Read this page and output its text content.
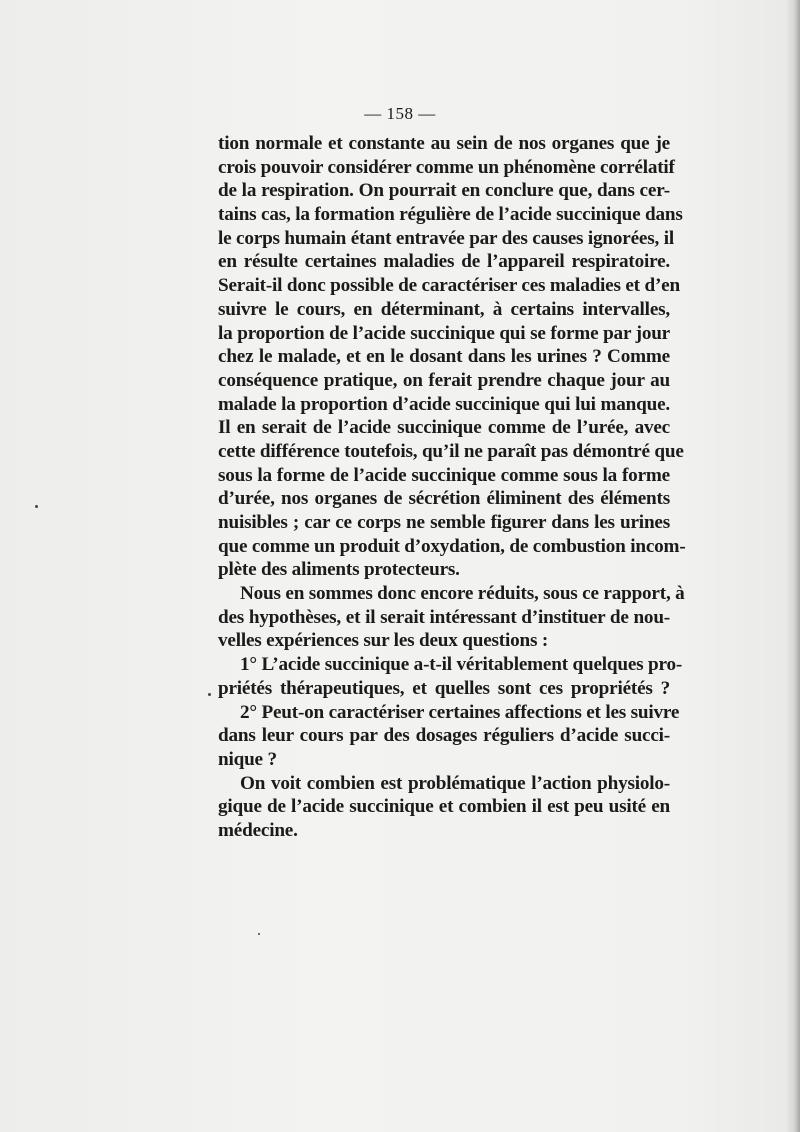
— 158 —
tion normale et constante au sein de nos organes que je
crois pouvoir considérer comme un phénomène corrélatif
de la respiration. On pourrait en conclure que, dans cer-
tains cas, la formation régulière de l’acide succinique dans
le corps humain étant entravée par des causes ignorées, il
en résulte certaines maladies de l’appareil respiratoire.
Serait-il donc possible de caractériser ces maladies et d’en
suivre le cours, en déterminant, à certains intervalles,
la proportion de l’acide succinique qui se forme par jour
chez le malade, et en le dosant dans les urines ? Comme
conséquence pratique, on ferait prendre chaque jour au
malade la proportion d’acide succinique qui lui manque.
Il en serait de l’acide succinique comme de l’urée, avec
cette différence toutefois, qu’il ne paraît pas démontré que
sous la forme de l’acide succinique comme sous la forme
d’urée, nos organes de sécrétion éliminent des éléments
nuisibles ; car ce corps ne semble figurer dans les urines
que comme un produit d’oxydation, de combustion incom-
plète des aliments protecteurs.
Nous en sommes donc encore réduits, sous ce rapport, à
des hypothèses, et il serait intéressant d’instituer de nou-
velles expériences sur les deux questions :
1° L’acide succinique a-t-il véritablement quelques pro-
priétés thérapeutiques, et quelles sont ces propriétés ?
2° Peut-on caractériser certaines affections et les suivre
dans leur cours par des dosages réguliers d’acide succi-
nique ?
On voit combien est problématique l’action physiolo-
gique de l’acide succinique et combien il est peu usité en
médecine.
